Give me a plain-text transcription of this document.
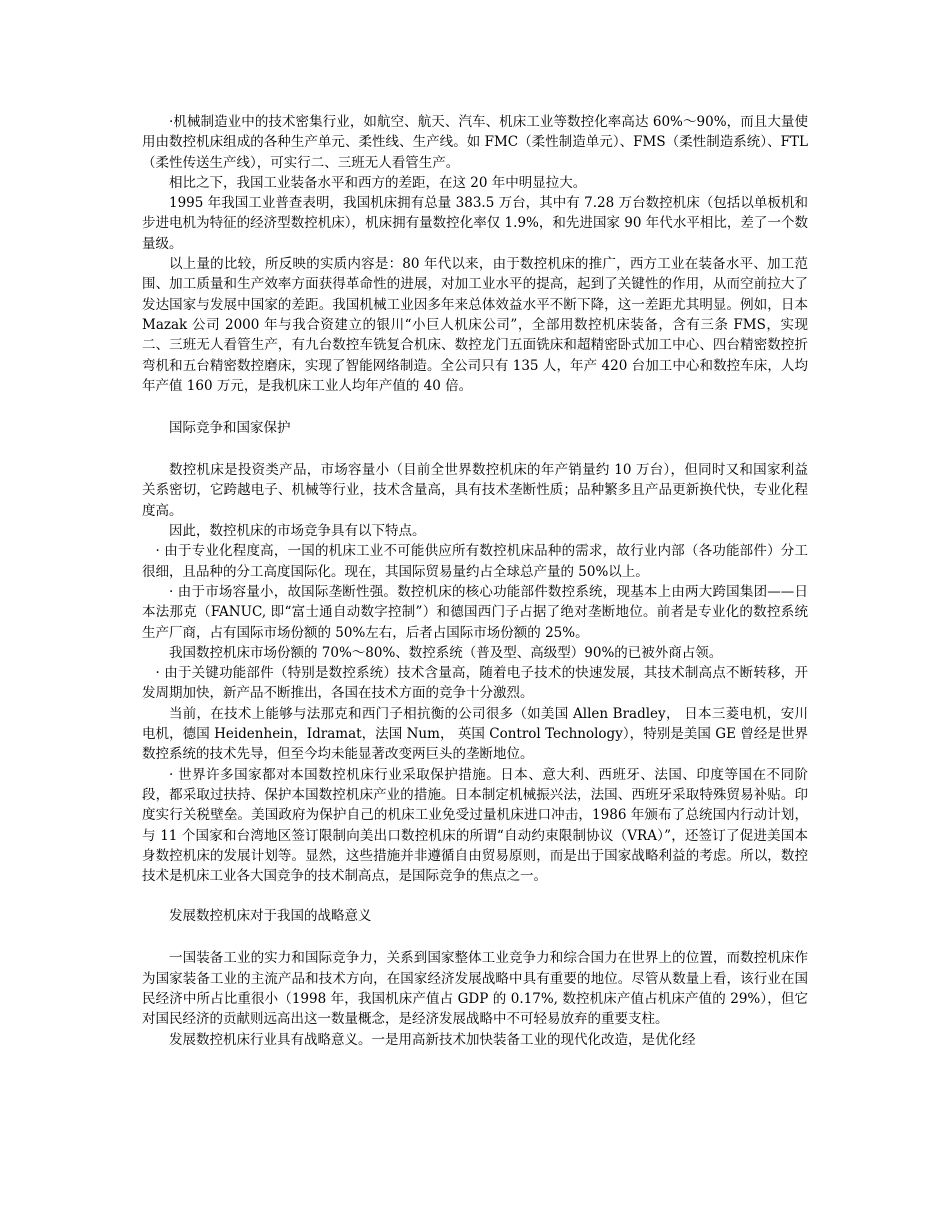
·机械制造业中的技术密集行业，如航空、航天、汽车、机床工业等数控化率高达 60%～90%，而且大量使用由数控机床组成的各种生产单元、柔性线、生产线。如 FMC（柔性制造单元）、FMS（柔性制造系统）、FTL（柔性传送生产线），可实行二、三班无人看管生产。

相比之下，我国工业装备水平和西方的差距，在这 20 年中明显拉大。

1995 年我国工业普查表明，我国机床拥有总量 383.5 万台，其中有 7.28 万台数控机床（包括以单板机和步进电机为特征的经济型数控机床），机床拥有量数控化率仅 1.9%，和先进国家 90 年代水平相比，差了一个数量级。

以上量的比较，所反映的实质内容是：80 年代以来，由于数控机床的推广，西方工业在装备水平、加工范围、加工质量和生产效率方面获得革命性的进展，对加工业水平的提高，起到了关键性的作用，从而空前拉大了发达国家与发展中国家的差距。我国机械工业因多年来总体效益水平不断下降，这一差距尤其明显。例如，日本 Mazak 公司 2000 年与我合资建立的银川“小巨人机床公司”，全部用数控机床装备，含有三条 FMS，实现二、三班无人看管生产，有九台数控车铣复合机床、数控龙门五面铣床和超精密卧式加工中心、四台精密数控折弯机和五台精密数控磨床，实现了智能网络制造。全公司只有 135 人，年产 420 台加工中心和数控车床，人均年产值 160 万元，是我机床工业人均年产值的 40 倍。

国际竞争和国家保护

数控机床是投资类产品，市场容量小（目前全世界数控机床的年产销量约 10 万台），但同时又和国家利益关系密切，它跨越电子、机械等行业，技术含量高，具有技术垄断性质；品种繁多且产品更新换代快，专业化程度高。

因此，数控机床的市场竞争具有以下特点。

· 由于专业化程度高，一国的机床工业不可能供应所有数控机床品种的需求，故行业内部（各功能部件）分工很细，且品种的分工高度国际化。现在，其国际贸易量约占全球总产量的 50%以上。

· 由于市场容量小，故国际垄断性强。数控机床的核心功能部件数控系统，现基本上由两大跨国集团——日本法那克（FANUC, 即“富士通自动数字控制”）和德国西门子占据了绝对垄断地位。前者是专业化的数控系统生产厂商，占有国际市场份额的 50%左右，后者占国际市场份额的 25%。

我国数控机床市场份额的 70%～80%、数控系统（普及型、高级型）90%的已被外商占领。

· 由于关键功能部件（特别是数控系统）技术含量高，随着电子技术的快速发展，其技术制高点不断转移，开发周期加快，新产品不断推出，各国在技术方面的竞争十分激烈。

当前，在技术上能够与法那克和西门子相抗衡的公司很多（如美国 Allen Bradley， 日本三菱电机，安川电机，德国 Heidenhein，Idramat，法国 Num， 英国 Control Technology），特别是美国 GE 曾经是世界数控系统的技术先导，但至今均未能显著改变两巨头的垄断地位。

· 世界许多国家都对本国数控机床行业采取保护措施。日本、意大利、西班牙、法国、印度等国在不同阶段，都采取过扶持、保护本国数控机床产业的措施。日本制定机械振兴法，法国、西班牙采取特殊贸易补贴。印度实行关税壁垒。美国政府为保护自己的机床工业免受过量机床进口冲击，1986 年颁布了总统国内行动计划，与 11 个国家和台湾地区签订限制向美出口数控机床的所谓“自动约束限制协议（VRA）”，还签订了促进美国本身数控机床的发展计划等。显然，这些措施并非遵循自由贸易原则，而是出于国家战略利益的考虑。所以，数控技术是机床工业各大国竞争的技术制高点，是国际竞争的焦点之一。

发展数控机床对于我国的战略意义

一国装备工业的实力和国际竞争力，关系到国家整体工业竞争力和综合国力在世界上的位置，而数控机床作为国家装备工业的主流产品和技术方向，在国家经济发展战略中具有重要的地位。尽管从数量上看，该行业在国民经济中所占比重很小（1998 年，我国机床产值占 GDP 的 0.17%, 数控机床产值占机床产值的 29%），但它对国民经济的贡献则远高出这一数量概念，是经济发展战略中不可轻易放弃的重要支柱。

发展数控机床行业具有战略意义。一是用高新技术加快装备工业的现代化改造，是优化经
